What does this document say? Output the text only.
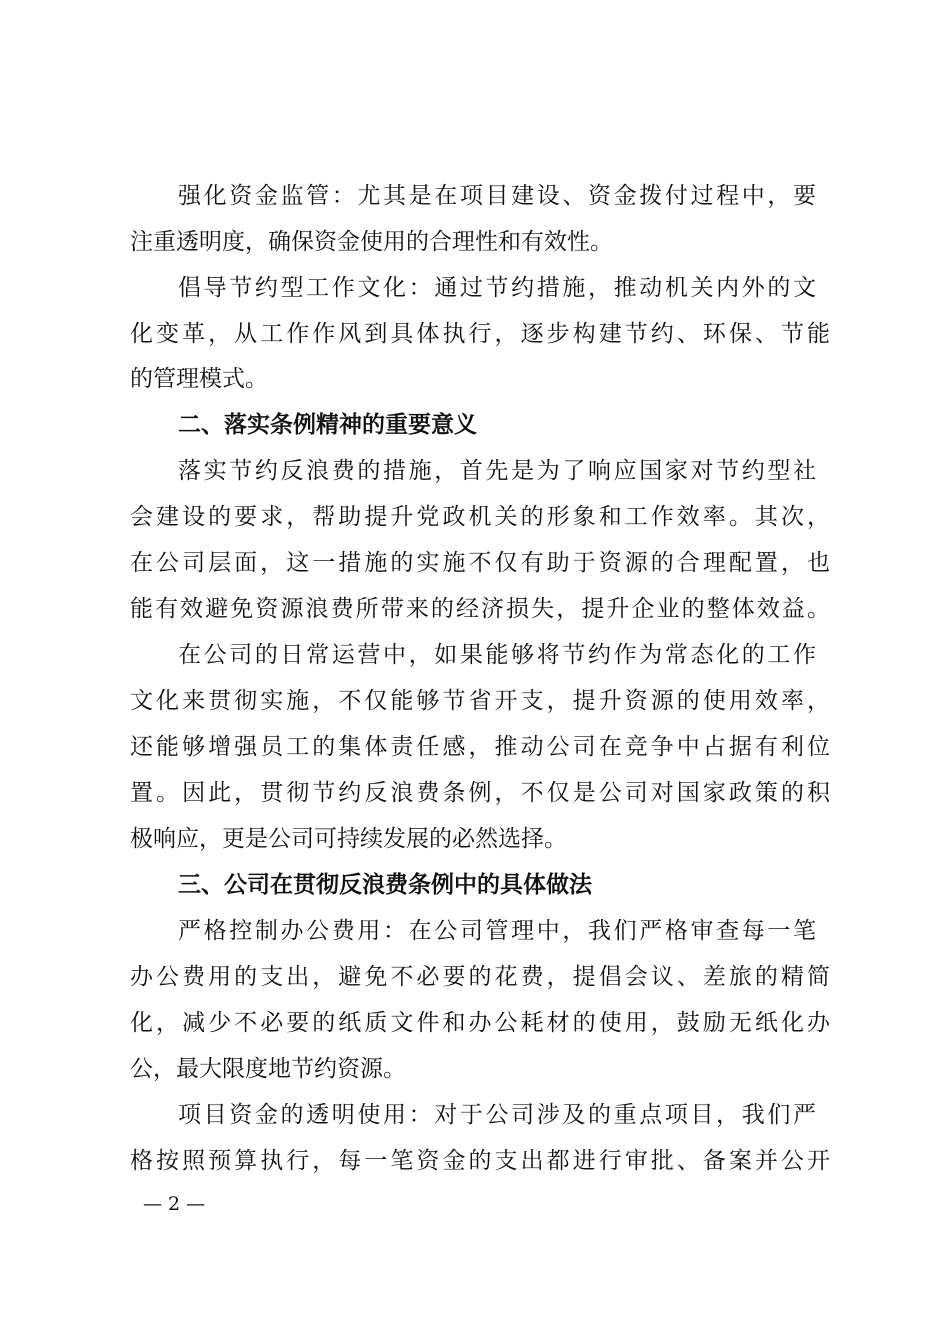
强化资金监管：尤其是在项目建设、资金拨付过程中，要
注重透明度，确保资金使用的合理性和有效性。
倡导节约型工作文化：通过节约措施，推动机关内外的文
化变革，从工作作风到具体执行，逐步构建节约、环保、节能
的管理模式。
二、落实条例精神的重要意义
落实节约反浪费的措施，首先是为了响应国家对节约型社
会建设的要求，帮助提升党政机关的形象和工作效率。其次，
在公司层面，这一措施的实施不仅有助于资源的合理配置，也
能有效避免资源浪费所带来的经济损失，提升企业的整体效益。
在公司的日常运营中，如果能够将节约作为常态化的工作
文化来贯彻实施，不仅能够节省开支，提升资源的使用效率，
还能够增强员工的集体责任感，推动公司在竞争中占据有利位
置。因此，贯彻节约反浪费条例，不仅是公司对国家政策的积
极响应，更是公司可持续发展的必然选择。
三、公司在贯彻反浪费条例中的具体做法
严格控制办公费用：在公司管理中，我们严格审查每一笔
办公费用的支出，避免不必要的花费，提倡会议、差旅的精简
化，减少不必要的纸质文件和办公耗材的使用，鼓励无纸化办
公，最大限度地节约资源。
项目资金的透明使用：对于公司涉及的重点项目，我们严
格按照预算执行，每一笔资金的支出都进行审批、备案并公开
— 2 —
